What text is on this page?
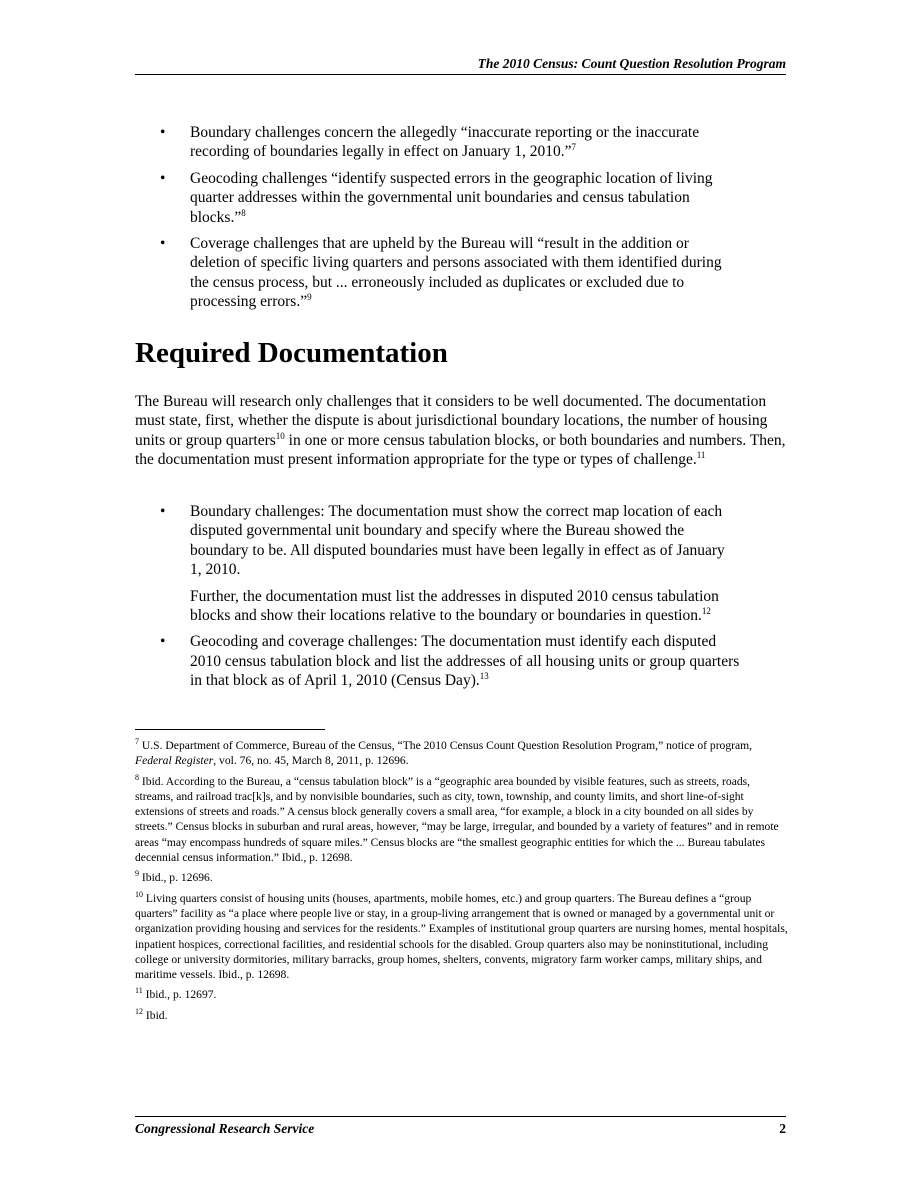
The 2010 Census: Count Question Resolution Program
• Boundary challenges concern the allegedly “inaccurate reporting or the inaccurate recording of boundaries legally in effect on January 1, 2010.”$^7$
• Geocoding challenges “identify suspected errors in the geographic location of living quarter addresses within the governmental unit boundaries and census tabulation blocks.”$^8$
• Coverage challenges that are upheld by the Bureau will “result in the addition or deletion of specific living quarters and persons associated with them identified during the census process, but ... erroneously included as duplicates or excluded due to processing errors.”$^9$
Required Documentation

The Bureau will research only challenges that it considers to be well documented. The documentation must state, first, whether the dispute is about jurisdictional boundary locations, the number of housing units or group quarters$^{10}$ in one or more census tabulation blocks, or both boundaries and numbers. Then, the documentation must present information appropriate for the type or types of challenge.$^{11}$

• Boundary challenges: The documentation must show the correct map location of each disputed governmental unit boundary and specify where the Bureau showed the boundary to be. All disputed boundaries must have been legally in effect as of January 1, 2010.

Further, the documentation must list the addresses in disputed 2010 census tabulation blocks and show their locations relative to the boundary or boundaries in question.$^{12}$

• Geocoding and coverage challenges: The documentation must identify each disputed 2010 census tabulation block and list the addresses of all housing units or group quarters in that block as of April 1, 2010 (Census Day).$^{13}$

$^7$ U.S. Department of Commerce, Bureau of the Census, “The 2010 Census Count Question Resolution Program,” notice of program, Federal Register, vol. 76, no. 45, March 8, 2011, p. 12696.

$^8$ Ibid. According to the Bureau, a “census tabulation block” is a “geographic area bounded by visible features, such as streets, roads, streams, and railroad trac[k]s, and by nonvisible boundaries, such as city, town, township, and county limits, and short line-of-sight extensions of streets and roads.” A census block generally covers a small area, “for example, a block in a city bounded on all sides by streets.” Census blocks in suburban and rural areas, however, “may be large, irregular, and bounded by a variety of features” and in remote areas “may encompass hundreds of square miles.” Census blocks are “the smallest geographic entities for which the ... Bureau tabulates decennial census information.” Ibid., p. 12698.

$^9$ Ibid., p. 12696.

$^{10}$ Living quarters consist of housing units (houses, apartments, mobile homes, etc.) and group quarters. The Bureau defines a “group quarters” facility as “a place where people live or stay, in a group-living arrangement that is owned or managed by a governmental unit or organization providing housing and services for the residents.” Examples of institutional group quarters are nursing homes, mental hospitals, inpatient hospices, correctional facilities, and residential schools for the disabled. Group quarters also may be noninstitutional, including college or university dormitories, military barracks, group homes, shelters, convents, migratory farm worker camps, military ships, and maritime vessels. Ibid., p. 12698.

$^{11}$ Ibid., p. 12697.

$^{12}$ Ibid.

Congressional Research Service	2
